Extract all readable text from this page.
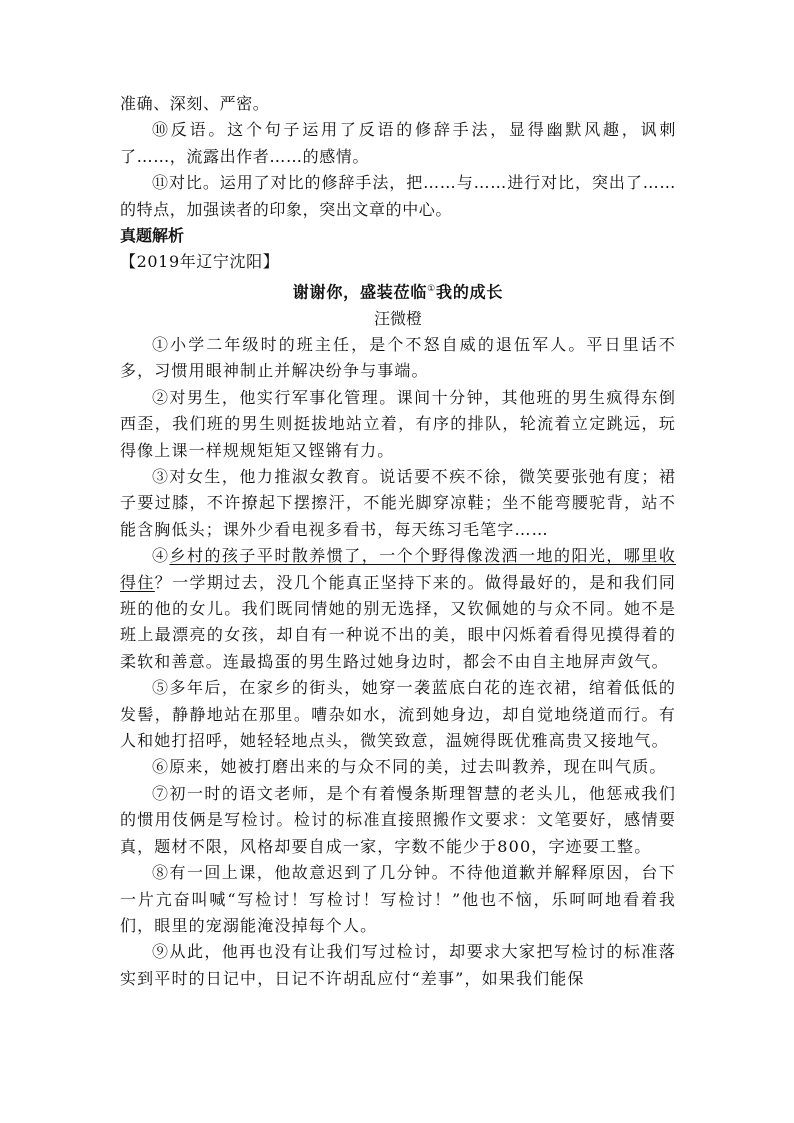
准确、深刻、严密。

⑩反语。这个句子运用了反语的修辞手法，显得幽默风趣，讽刺了……，流露出作者……的感情。

⑪对比。运用了对比的修辞手法，把……与……进行对比，突出了……的特点，加强读者的印象，突出文章的中心。

真题解析

【2019年辽宁沈阳】

谢谢你，盛装莅临①我的成长

汪微橙

①小学二年级时的班主任，是个不怒自威的退伍军人。平日里话不多，习惯用眼神制止并解决纷争与事端。

②对男生，他实行军事化管理。课间十分钟，其他班的男生疯得东倒西歪，我们班的男生则挺拔地站立着，有序的排队，轮流着立定跳远，玩得像上课一样规规矩矩又铿锵有力。

③对女生，他力推淑女教育。说话要不疾不徐，微笑要张弛有度；裙子要过膝，不许撩起下摆擦汗，不能光脚穿凉鞋；坐不能弯腰驼背，站不能含胸低头；课外少看电视多看书，每天练习毛笔字……

④乡村的孩子平时散养惯了，一个个野得像泼洒一地的阳光，哪里收得住？一学期过去，没几个能真正坚持下来的。做得最好的，是和我们同班的他的女儿。我们既同情她的别无选择，又钦佩她的与众不同。她不是班上最漂亮的女孩，却自有一种说不出的美，眼中闪烁着看得见摸得着的柔软和善意。连最捣蛋的男生路过她身边时，都会不由自主地屏声敛气。

⑤多年后，在家乡的街头，她穿一袭蓝底白花的连衣裙，绾着低低的发髻，静静地站在那里。嘈杂如水，流到她身边，却自觉地绕道而行。有人和她打招呼，她轻轻地点头，微笑致意，温婉得既优雅高贵又接地气。

⑥原来，她被打磨出来的与众不同的美，过去叫教养，现在叫气质。

⑦初一时的语文老师，是个有着慢条斯理智慧的老头儿，他惩戒我们的惯用伎俩是写检讨。检讨的标准直接照搬作文要求：文笔要好，感情要真，题材不限，风格却要自成一家，字数不能少于800，字迹要工整。

⑧有一回上课，他故意迟到了几分钟。不待他道歉并解释原因，台下一片亢奋叫喊“写检讨！写检讨！写检讨！”他也不恼，乐呵呵地看着我们，眼里的宠溺能淹没掉每个人。

⑨从此，他再也没有让我们写过检讨，却要求大家把写检讨的标准落实到平时的日记中，日记不许胡乱应付“差事”，如果我们能保
